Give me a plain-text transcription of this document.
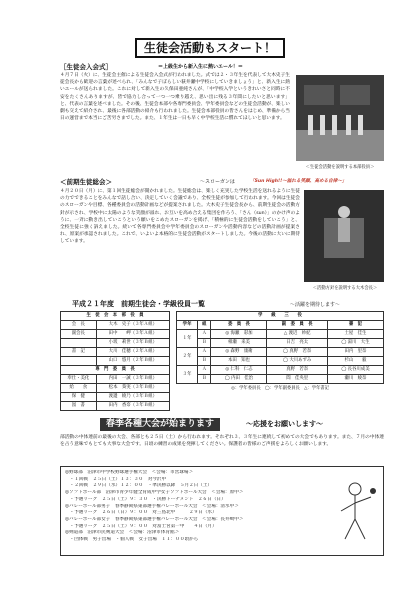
生徒会活動もスタート！
［生徒会入会式］	＝上級生から新入生に熱いエール！＝
４月７日（火）に、生徒会主催による生徒会入会式が行われました。式では２・３年生を代表して大木史子生徒会長から歓迎の言葉が述べられ、「みんなで子ぼらしい萩井瀬中学校にしていきましょう」と、新入生に熱いエールが送られました。これに対して新入生の久保田亜純さんが、「中学校入学というきれいさと同時に不安をたくさんありますが、皆で協力し合って一つ一つ乗り越え、思い出に残る３年間にしたいと思います」と、代表の言葉を述べました。その後、生徒会本部や各専門委員会、学年委員会などの生徒会活動が、楽しい劇も交えて紹介され、最後に各部活動の紹介も行われました。生徒会本部役員の皆さんをはじめ、準備から当日の運営まで本当にご苦労さまでした。また、１年生は一日も早く中学校生活に慣れてほしいと思います。
＜生徒会活動を説明する本部役員＞
＜前期生徒総会＞	～スローガンは	「Sun High!!～溢れる笑顔、高める自律～」
４月２０日（月）に、第１回生徒総会が開かれました。生徒総会は、楽しく充実した学校生活を送れるように生徒の力でできることをみんなで話し合い、決定していく会議であり、全校生徒が参加して行われます。今回は生徒会のスローガンや目標、各種委員会の活動計画などが提案されました。大木史子生徒会長から、前期生徒会の活動方針が示され、学校中に太陽のような笑顔が溢れ、お互いを高め合える集団を作ろう、「さん（sun）」のかけ声のように、一斉に動き出していこうという願いをこめたスローガンを掲げ、「積極的に生徒会活動をしていこう」と、全校生徒に強く訴えました。続いて各専門委員会や学年委員会のスローガンや活動内容などの活動計画が提案され、原案が承認されました。これで、いよいよ本格的に生徒会活動がスタートしました。今後の活動に大いに期待しています。
＜活動方針を説明する大木会長＞
平成２１年度　前期生徒会・学級役員一覧	～活躍を期待します～
生　徒　会　本　部　役　員	
会　長	大木　史子（３年Ａ組）
副会長	田中　　岬（３年Ａ組）
	小坂　莉世（３年Ｂ組）
書　記	大川　佳穂（２年Ａ組）
	山口　悠月（２年Ｂ組）
専　門　委　員　長	
奉仕・美化	内田　一誠（３年Ｂ組）
給　　食	松本　葵実（３年Ｂ組）
保　健	渡邊　綾乃（３年Ｂ組）
図　書	田内　香奈（３年Ｂ組）
学　　級　　三　　役				
学年	組	委　員　長	副　委　員　長	書　記
１年	Ａ	◎ 海瀬　彩加	△ 渡辺　紗紀	土屋　佳生
	Ｂ	相瀬　来美	日吉　亮太	◯ 湯川　大生
２年	Ａ	◎ 森野　康衛	◯ 真野　若奈	田内　里奈
	Ｂ	本田　知也	◯ 大川あずみ	杉山　　毅
３年	Ａ	◎ 仁科　仁志	真野　若奈	◯ 長谷川成美
	Ｂ	◯ 内田　佳治	間　佳央里	瀬川　綾奈
◎：学年委員長　◯：学年副委員長　△：学年書記
春季各種大会が始まります	～応援をお願いします～
部活動の中体連前の最後の大会、各部とも２５日（土）から行われます。それぞれ３、３年生に連続して初めての大会でもあります。また、７月の中体連を占う意味でもとても大事な大会です。日頃の練習の成果を発揮してください。保護者の皆様のご声援をよろしくお願いします。
◎野球部　沼津市中学校野球選手権大会　＜会場：市営球場＞
　・１回戦　２５日（土）１３：３０　対今沢中
　・２回戦　２９日（水）１２：００　・準決勝以降　５月２日（土）
◎ソフトボール部　沼津市青少年健全育成中学女子ソフトボール大会　＜会場：原中＞
　・予選リーグ　２５日（土）９：３０　・決勝トーナメント　２６日（日）
◎バレーボール部男子　春季静岡県東部選手権バレーボール大会　＜会場：清水中＞
　・予選リーグ　２６日（日）９：００　対三島北中　　　２９日（水）
◎バレーボール部女子　春季静岡県東部選手権バレーボール大会　＜会場：長井崎中＞
　・予選リーグ　２５日（土）９：００　対富士宮第一中　　４日（月）
◎剣道部　沼津市民剣道大会　＜会場：沼津市体育館＞
　・団体戦　男子出場　・個人戦　女子出場　１１：００頃から
